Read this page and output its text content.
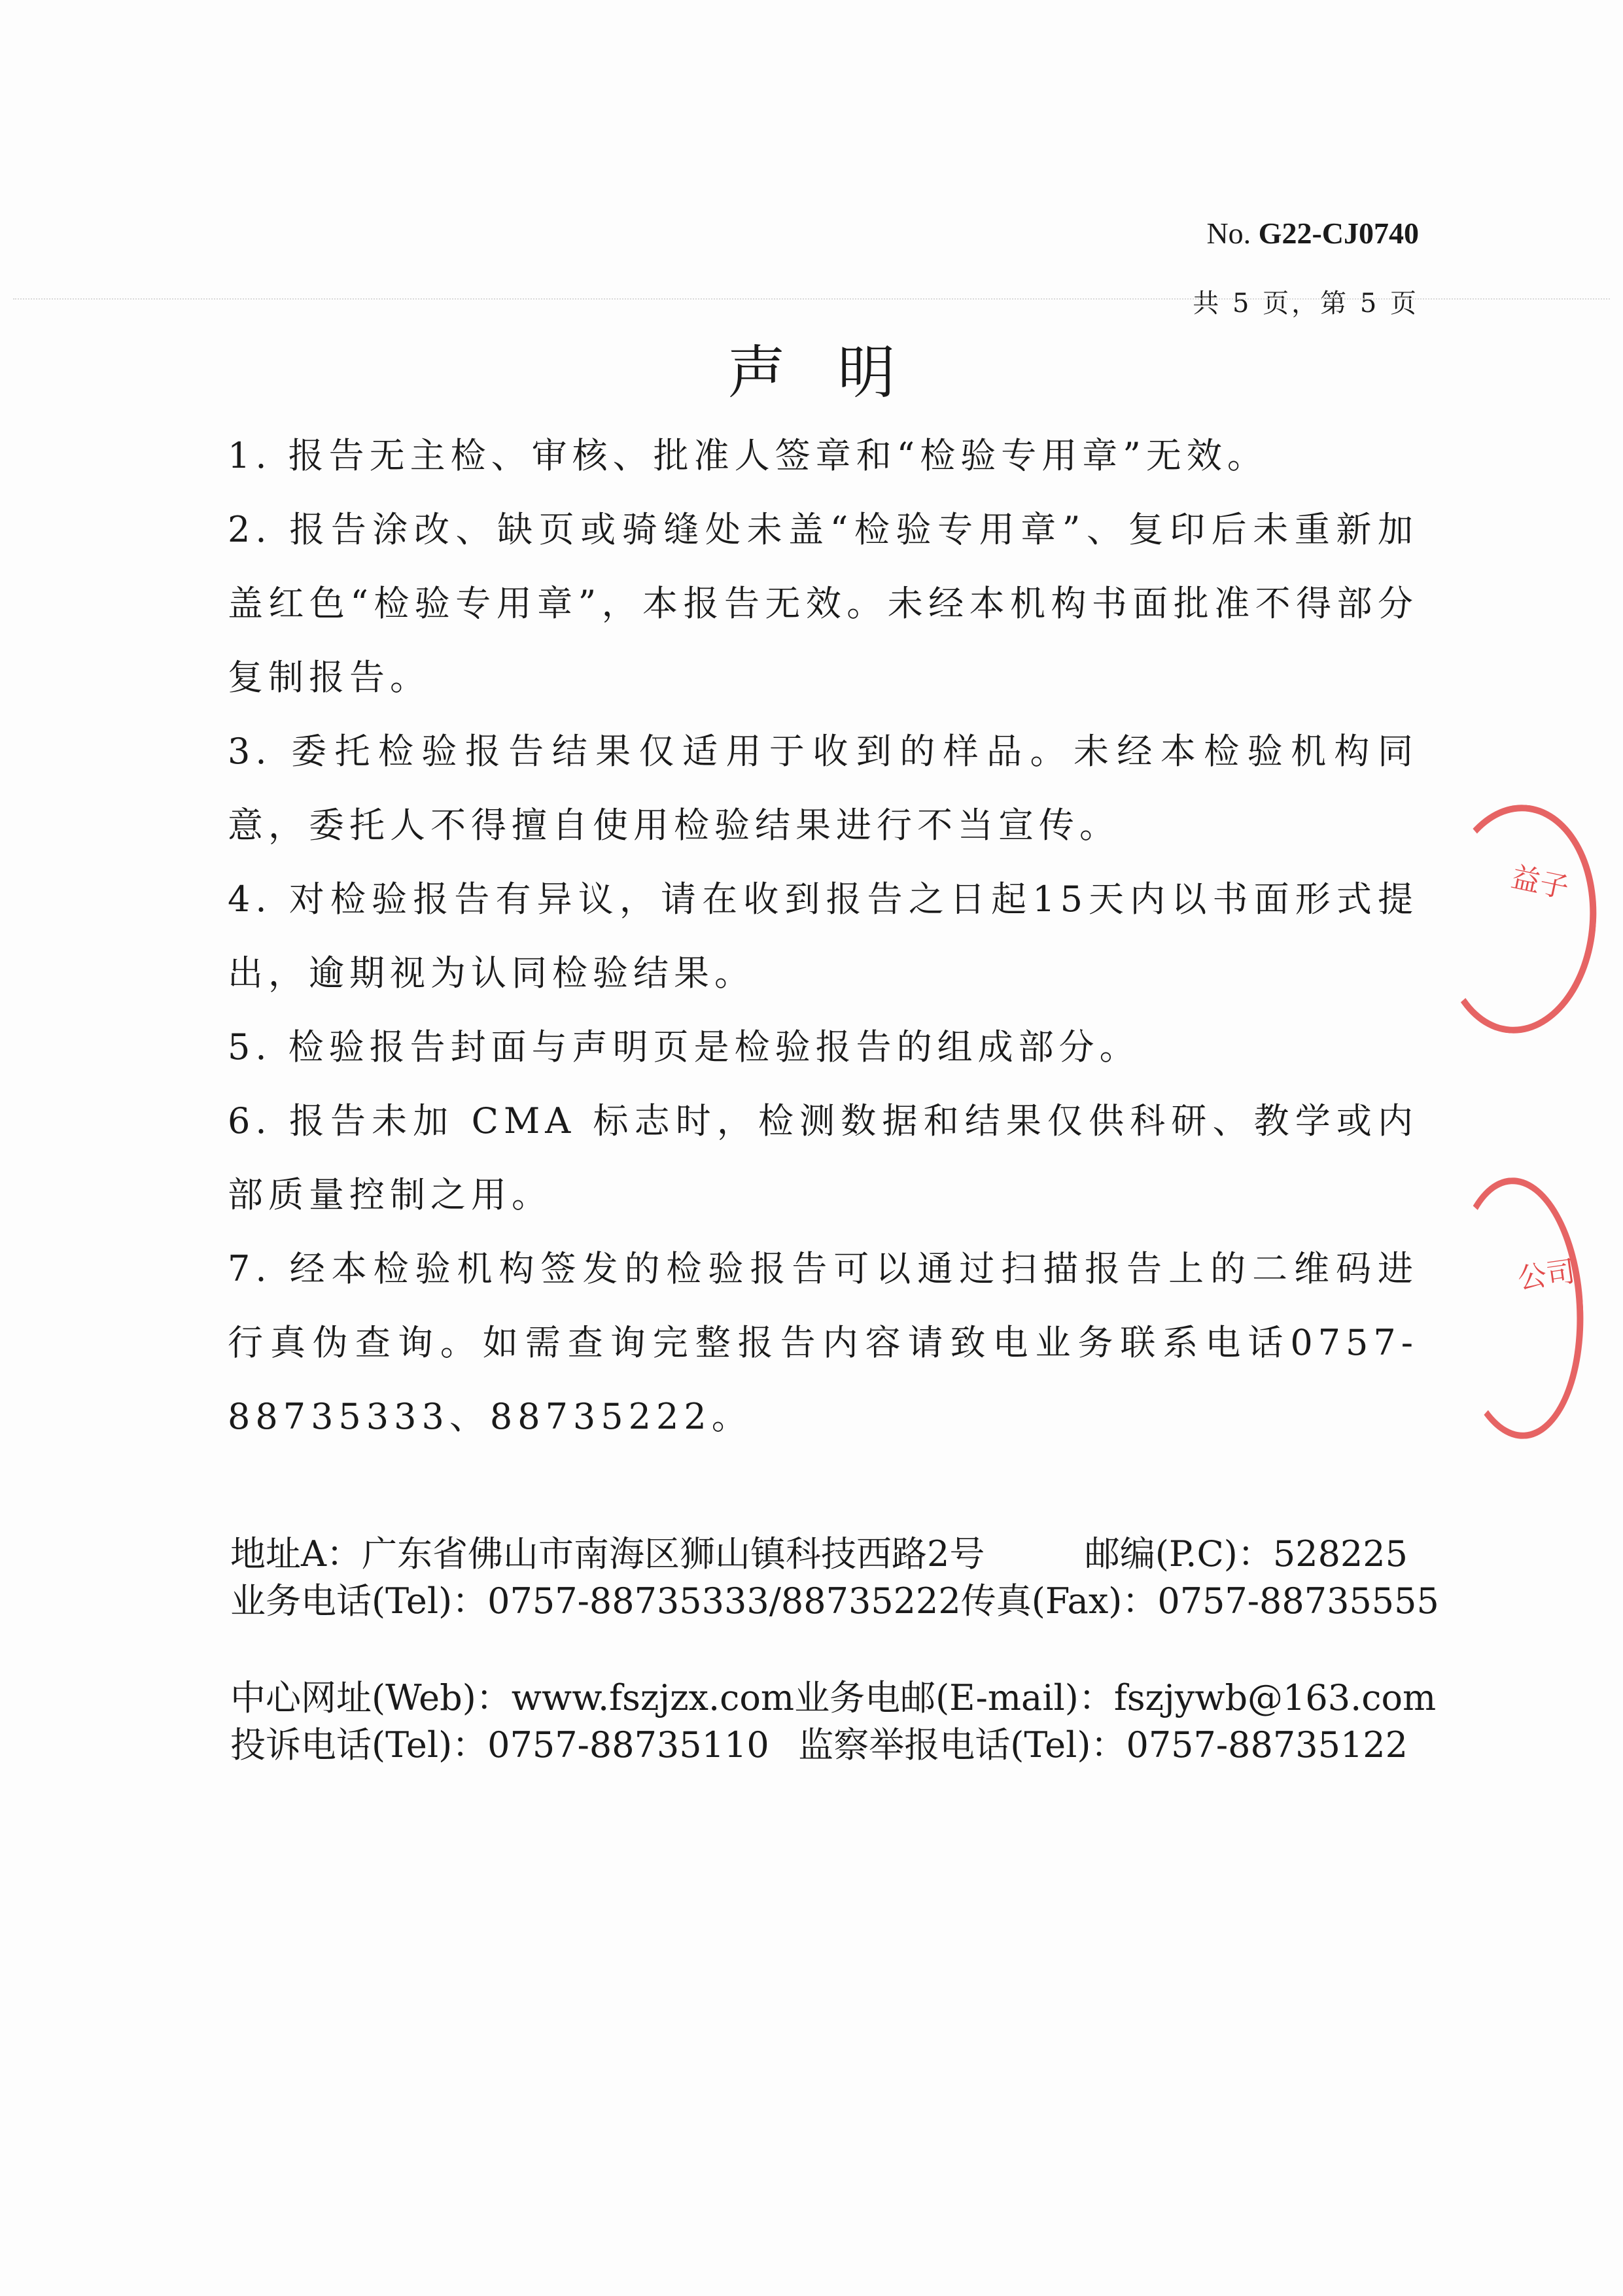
No. G22-CJ0740
共 5 页，第 5 页
声明

1. 报告无主检、审核、批准人签章和“检验专用章”无效。

2. 报告涂改、缺页或骑缝处未盖“检验专用章”、复印后未重新加盖红色“检验专用章”，本报告无效。未经本机构书面批准不得部分复制报告。

3. 委托检验报告结果仅适用于收到的样品。未经本检验机构同意，委托人不得擅自使用检验结果进行不当宣传。

4. 对检验报告有异议，请在收到报告之日起15天内以书面形式提出，逾期视为认同检验结果。

5. 检验报告封面与声明页是检验报告的组成部分。

6. 报告未加 CMA 标志时，检测数据和结果仅供科研、教学或内部质量控制之用。

7. 经本检验机构签发的检验报告可以通过扫描报告上的二维码进行真伪查询。如需查询完整报告内容请致电业务联系电话0757-88735333、88735222。

地址A：广东省佛山市南海区狮山镇科技西路2号	邮编(P.C)：528225
业务电话(Tel)：0757-88735333/88735222 传真(Fax)：0757-88735555
中心网址(Web)：www.fszjzx.com 业务电邮(E-mail)：fszjywb@163.com
投诉电话(Tel)：0757-88735110 监察举报电话(Tel)：0757-88735122
益子
公司
